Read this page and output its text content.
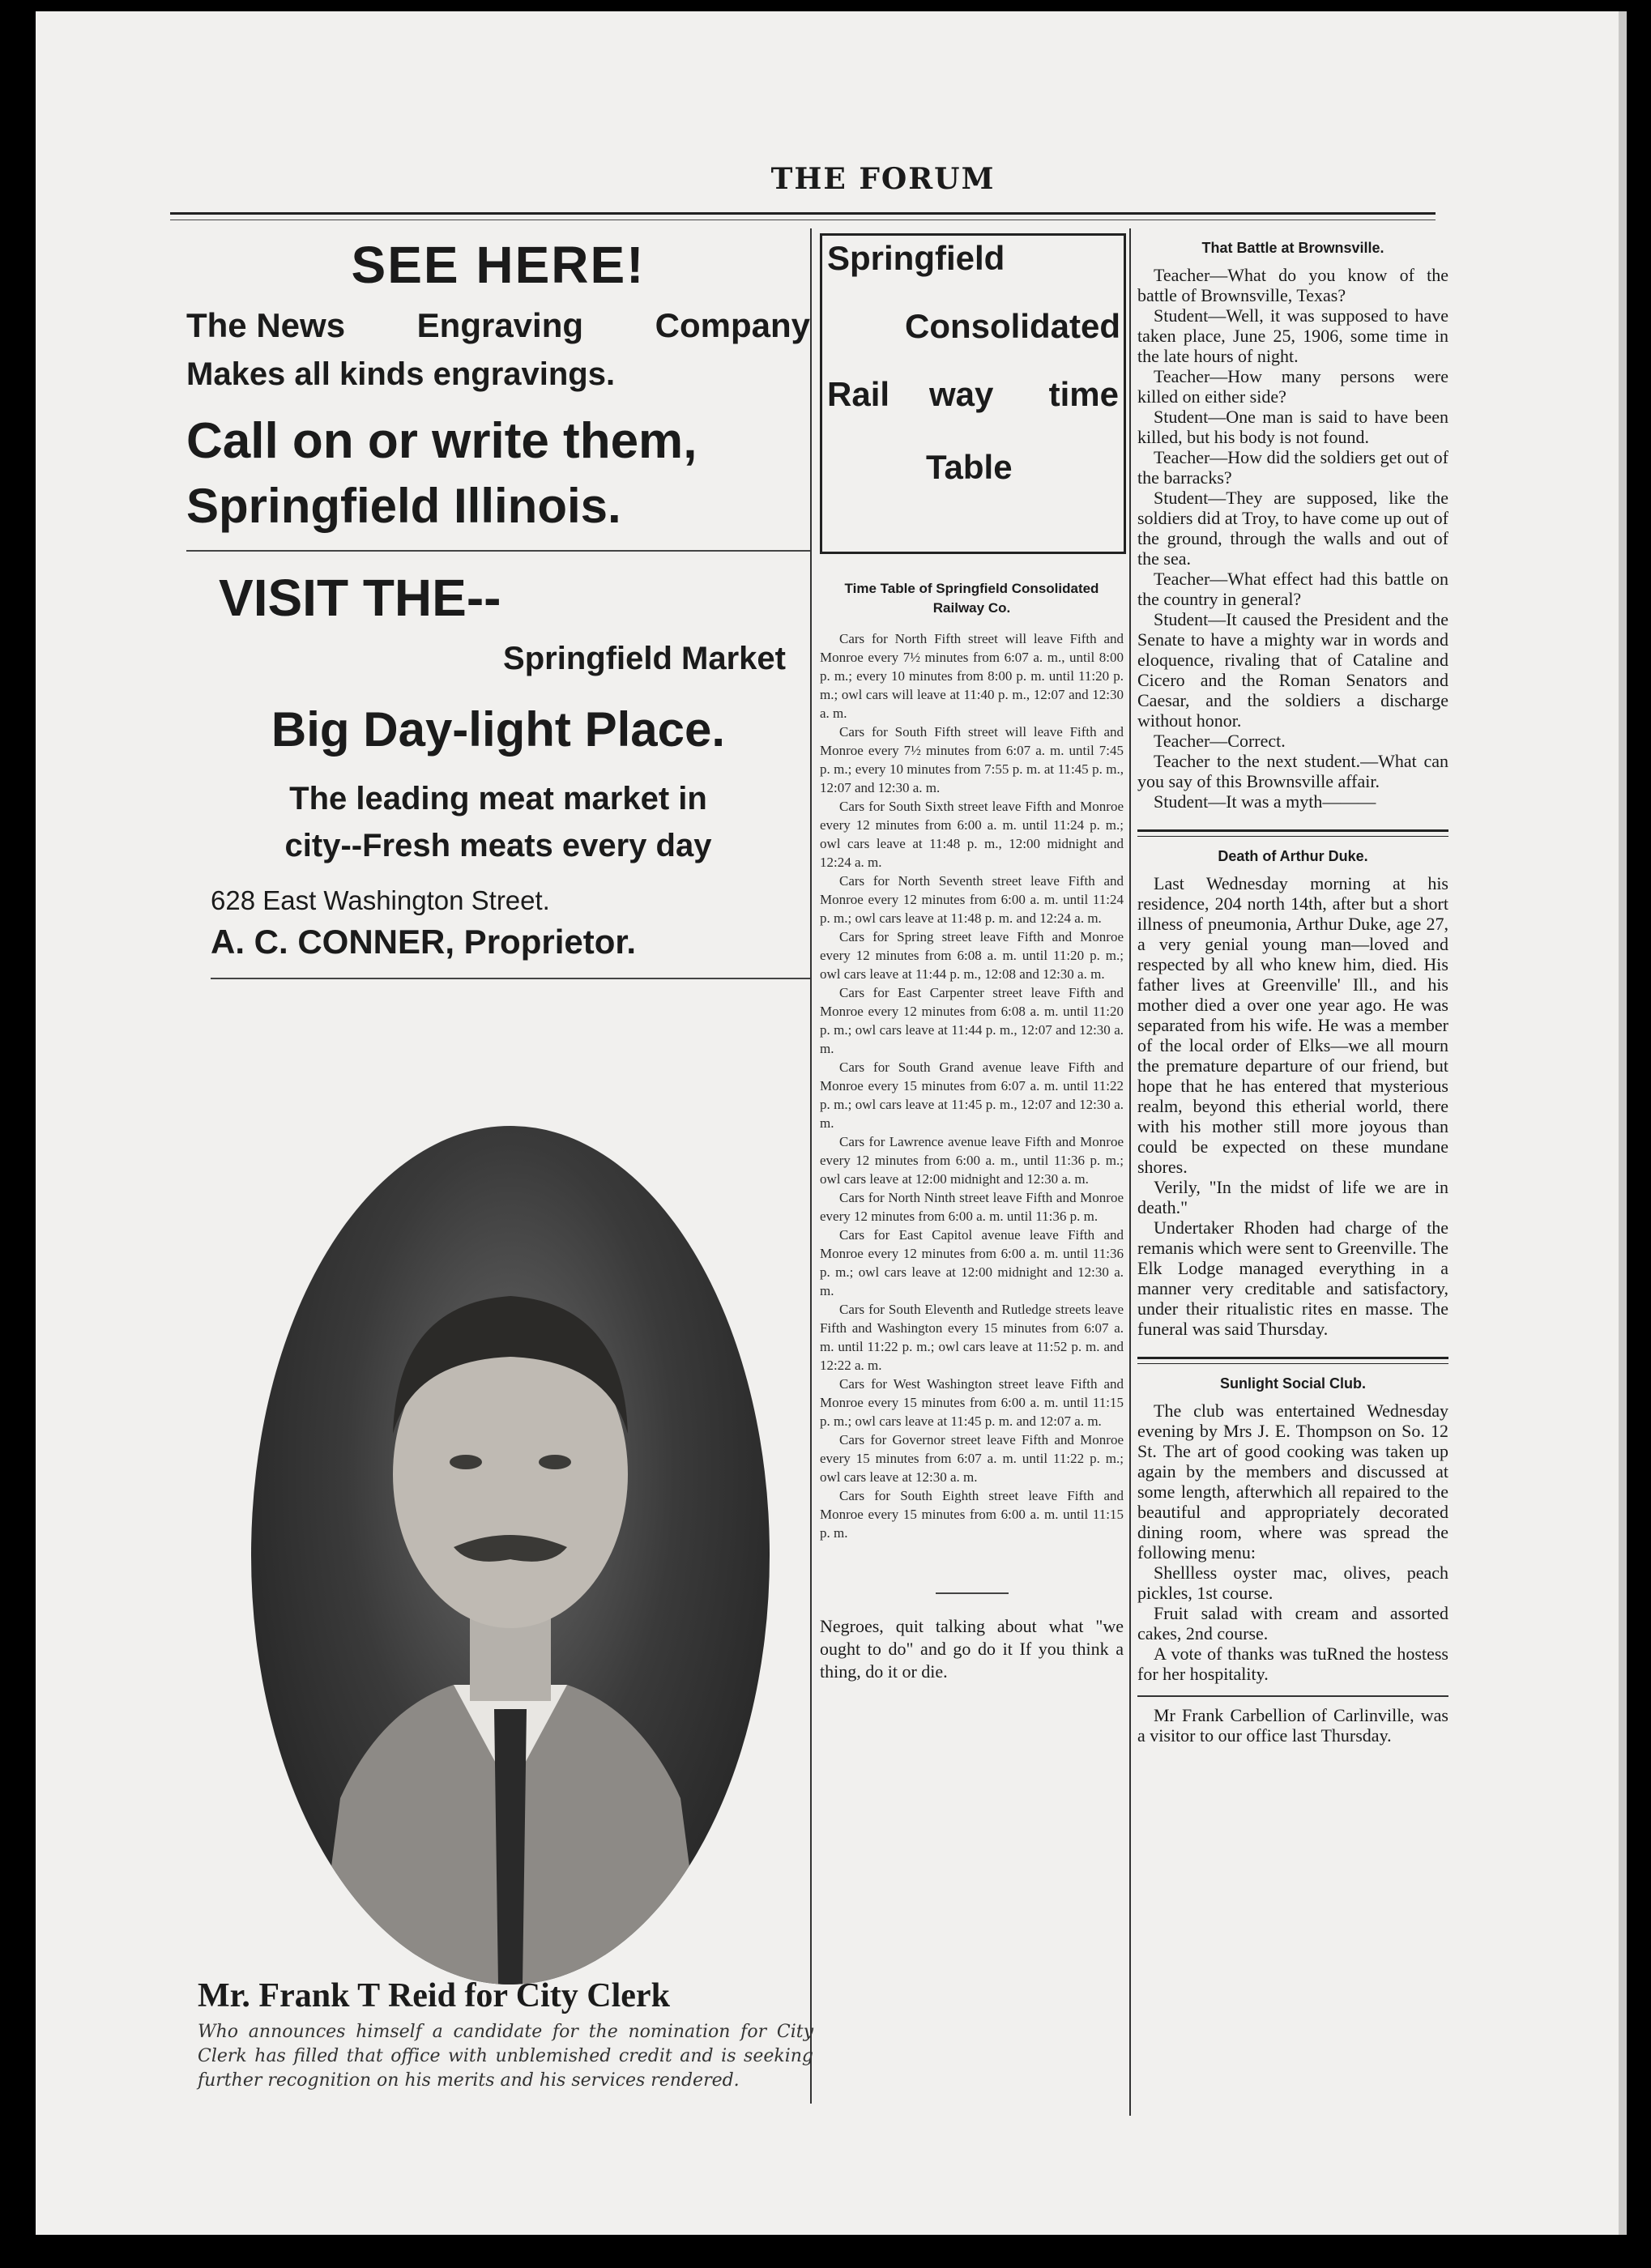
THE FORUM
SEE HERE!
The News Engraving Company
Makes all kinds engravings.
Call on or write them,
Springfield Illinois.
VISIT THE--
Springfield Market
Big Day-light Place.
The leading meat market in
city--Fresh meats every day
628 East Washington Street.
A. C. CONNER, Proprietor.
Mr. Frank T Reid for City Clerk
Who announces himself a candidate for the nomination for City Clerk has filled that office with unblemished credit and is seeking further recognition on his merits and his services rendered.
Springfield
Consolidated
Rail way time
Table
Time Table of Springfield Consolidated Railway Co.

Cars for North Fifth street will leave Fifth and Monroe every 7½ minutes from 6:07 a. m., until 8:00 p. m.; every 10 minutes from 8:00 p. m. until 11:20 p. m.; owl cars will leave at 11:40 p. m., 12:07 and 12:30 a. m.

Cars for South Fifth street will leave Fifth and Monroe every 7½ minutes from 6:07 a. m. until 7:45 p. m.; every 10 minutes from 7:55 p. m. at 11:45 p. m., 12:07 and 12:30 a. m.

Cars for South Sixth street leave Fifth and Monroe every 12 minutes from 6:00 a. m. until 11:24 p. m.; owl cars leave at 11:48 p. m., 12:00 midnight and 12:24 a. m.

Cars for North Seventh street leave Fifth and Monroe every 12 minutes from 6:00 a. m. until 11:24 p. m.; owl cars leave at 11:48 p. m. and 12:24 a. m.

Cars for Spring street leave Fifth and Monroe every 12 minutes from 6:08 a. m. until 11:20 p. m.; owl cars leave at 11:44 p. m., 12:08 and 12:30 a. m.

Cars for East Carpenter street leave Fifth and Monroe every 12 minutes from 6:08 a. m. until 11:20 p. m.; owl cars leave at 11:44 p. m., 12:07 and 12:30 a. m.

Cars for South Grand avenue leave Fifth and Monroe every 15 minutes from 6:07 a. m. until 11:22 p. m.; owl cars leave at 11:45 p. m., 12:07 and 12:30 a. m.

Cars for Lawrence avenue leave Fifth and Monroe every 12 minutes from 6:00 a. m., until 11:36 p. m.; owl cars leave at 12:00 midnight and 12:30 a. m.

Cars for North Ninth street leave Fifth and Monroe every 12 minutes from 6:00 a. m. until 11:36 p. m.

Cars for East Capitol avenue leave Fifth and Monroe every 12 minutes from 6:00 a. m. until 11:36 p. m.; owl cars leave at 12:00 midnight and 12:30 a. m.

Cars for South Eleventh and Rutledge streets leave Fifth and Washington every 15 minutes from 6:07 a. m. until 11:22 p. m.; owl cars leave at 11:52 p. m. and 12:22 a. m.

Cars for West Washington street leave Fifth and Monroe every 15 minutes from 6:00 a. m. until 11:15 p. m.; owl cars leave at 11:45 p. m. and 12:07 a. m.

Cars for Governor street leave Fifth and Monroe every 15 minutes from 6:07 a. m. until 11:22 p. m.; owl cars leave at 12:30 a. m.

Cars for South Eighth street leave Fifth and Monroe every 15 minutes from 6:00 a. m. until 11:15 p. m.

Negroes, quit talking about what "we ought to do" and go do it If you think a thing, do it or die.
That Battle at Brownsville.

Teacher—What do you know of the battle of Brownsville, Texas?

Student—Well, it was supposed to have taken place, June 25, 1906, some time in the late hours of night.

Teacher—How many persons were killed on either side?

Student—One man is said to have been killed, but his body is not found.

Teacher—How did the soldiers get out of the barracks?

Student—They are supposed, like the soldiers did at Troy, to have come up out of the ground, through the walls and out of the sea.

Teacher—What effect had this battle on the country in general?

Student—It caused the President and the Senate to have a mighty war in words and eloquence, rivaling that of Cataline and Cicero and the Roman Senators and Caesar, and the soldiers a discharge without honor.

Teacher—Correct.

Teacher to the next student.—What can you say of this Brownsville affair.

Student—It was a myth———

Death of Arthur Duke.

Last Wednesday morning at his residence, 204 north 14th, after but a short illness of pneumonia, Arthur Duke, age 27, a very genial young man—loved and respected by all who knew him, died. His father lives at Greenville' Ill., and his mother died a over one year ago. He was separated from his wife. He was a member of the local order of Elks—we all mourn the premature departure of our friend, but hope that he has entered that mysterious realm, beyond this etherial world, there with his mother still more joyous than could be expected on these mundane shores.

Verily, "In the midst of life we are in death."

Undertaker Rhoden had charge of the remanis which were sent to Greenville. The Elk Lodge managed everything in a manner very creditable and satisfactory, under their ritualistic rites en masse. The funeral was said Thursday.

Sunlight Social Club.

The club was entertained Wednesday evening by Mrs J. E. Thompson on So. 12 St. The art of good cooking was taken up again by the members and discussed at some length, afterwhich all repaired to the beautiful and appropriately decorated dining room, where was spread the following menu:

Shellless oyster mac, olives, peach pickles, 1st course.

Fruit salad with cream and assorted cakes, 2nd course.

A vote of thanks was tuRned the hostess for her hospitality.

Mr Frank Carbellion of Carlinville, was a visitor to our office last Thursday.
